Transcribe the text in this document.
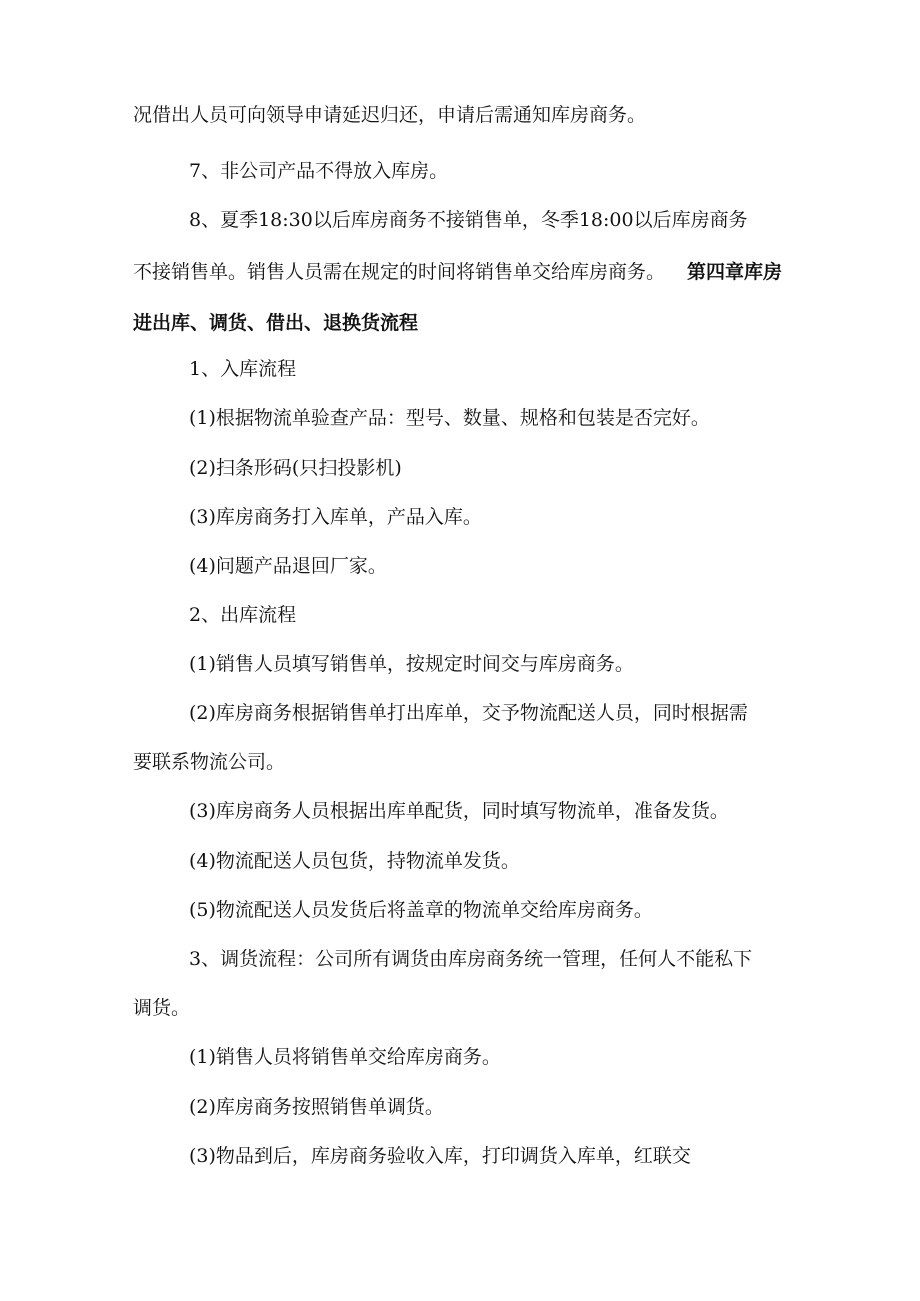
况借出人员可向领导申请延迟归还，申请后需通知库房商务。
7、非公司产品不得放入库房。
8、夏季18:30以后库房商务不接销售单，冬季18:00以后库房商务
不接销售单。销售人员需在规定的时间将销售单交给库房商务。 第四章库房
进出库、调货、借出、退换货流程
1、入库流程
(1)根据物流单验查产品：型号、数量、规格和包装是否完好。
(2)扫条形码(只扫投影机)
(3)库房商务打入库单，产品入库。
(4)问题产品退回厂家。
2、出库流程
(1)销售人员填写销售单，按规定时间交与库房商务。
(2)库房商务根据销售单打出库单，交予物流配送人员，同时根据需
要联系物流公司。
(3)库房商务人员根据出库单配货，同时填写物流单，准备发货。
(4)物流配送人员包货，持物流单发货。
(5)物流配送人员发货后将盖章的物流单交给库房商务。
3、调货流程：公司所有调货由库房商务统一管理，任何人不能私下
调货。
(1)销售人员将销售单交给库房商务。
(2)库房商务按照销售单调货。
(3)物品到后，库房商务验收入库，打印调货入库单，红联交
